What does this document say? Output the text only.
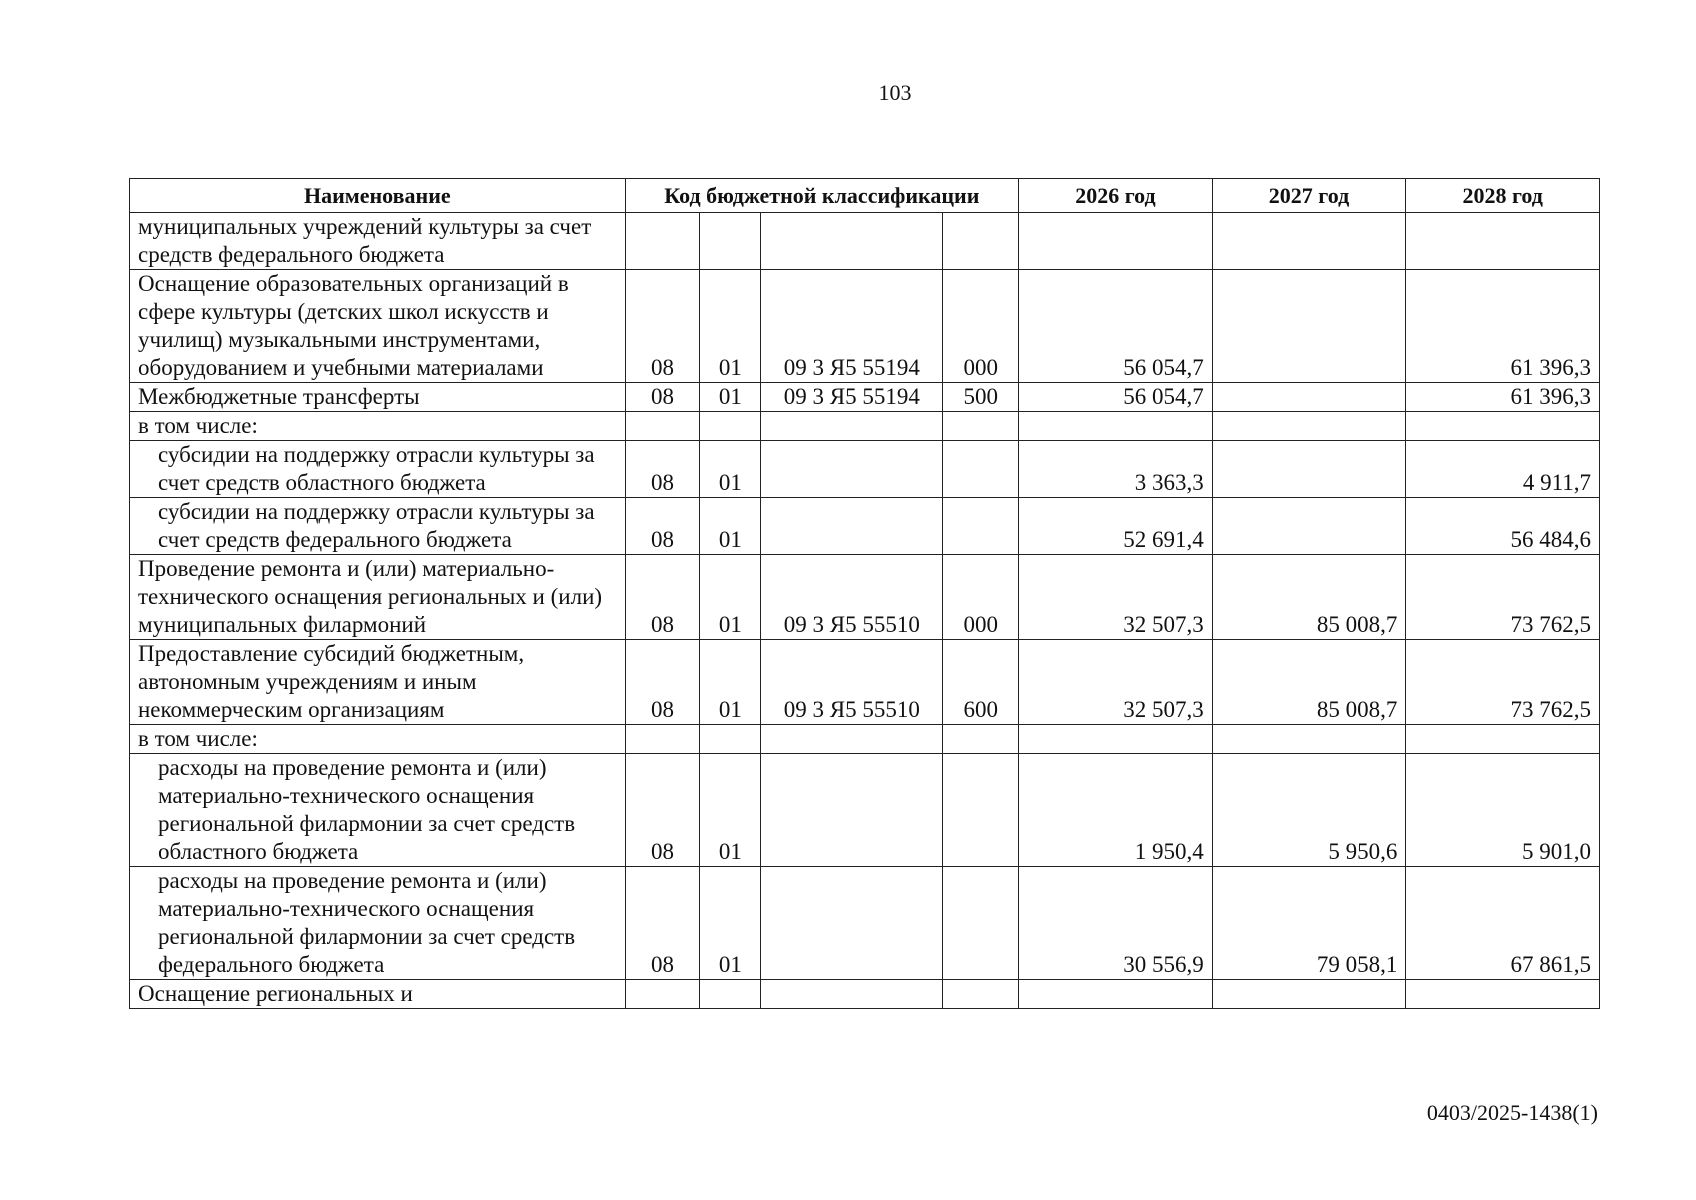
103
Наименование	Код бюджетной классификации				2026 год	2027 год	2028 год
муниципальных учреждений культуры за счет средств федерального бюджета							
Оснащение образовательных организаций в сфере культуры (детских школ искусств и училищ) музыкальными инструментами, оборудованием и учебными материалами	08	01	09 3 Я5 55194	000	56 054,7		61 396,3
Межбюджетные трансферты	08	01	09 3 Я5 55194	500	56 054,7		61 396,3
в том числе:							
субсидии на поддержку отрасли культуры за счет средств областного бюджета	08	01			3 363,3		4 911,7
субсидии на поддержку отрасли культуры за счет средств федерального бюджета	08	01			52 691,4		56 484,6
Проведение ремонта и (или) материально-технического оснащения региональных и (или) муниципальных филармоний	08	01	09 3 Я5 55510	000	32 507,3	85 008,7	73 762,5
Предоставление субсидий бюджетным, автономным учреждениям и иным некоммерческим организациям	08	01	09 3 Я5 55510	600	32 507,3	85 008,7	73 762,5
в том числе:							
расходы на проведение ремонта и (или) материально-технического оснащения региональной филармонии за счет средств областного бюджета	08	01			1 950,4	5 950,6	5 901,0
расходы на проведение ремонта и (или) материально-технического оснащения региональной филармонии за счет средств федерального бюджета	08	01			30 556,9	79 058,1	67 861,5
Оснащение региональных и							
0403/2025-1438(1)
